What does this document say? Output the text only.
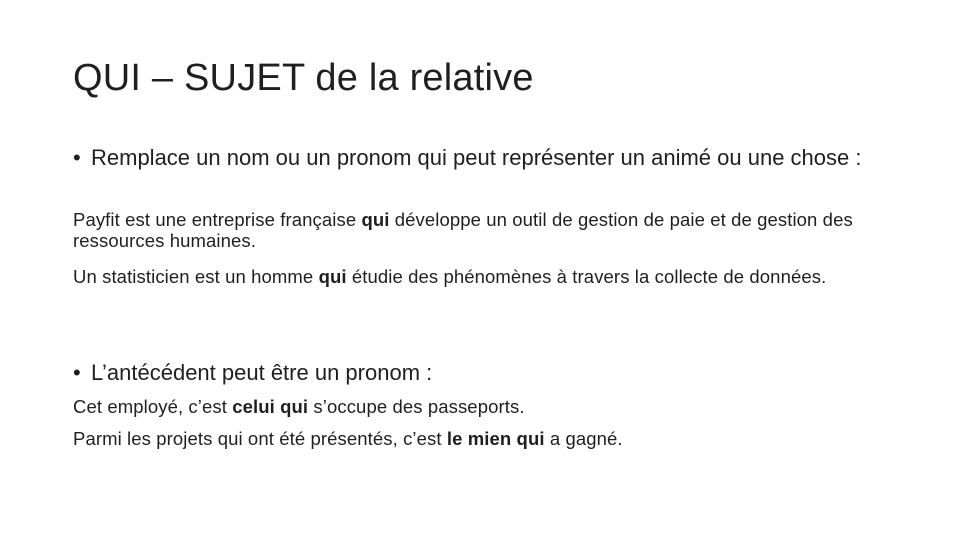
QUI – SUJET de la relative
• Remplace un nom ou un pronom qui peut représenter un animé ou une chose :
Payfit est une entreprise française qui développe un outil de gestion de paie et de gestion des ressources humaines.
Un statisticien est un homme qui étudie des phénomènes à travers la collecte de données.
• L’antécédent peut être un pronom :
Cet employé, c’est celui qui s’occupe des passeports.
Parmi les projets qui ont été présentés, c’est le mien qui a gagné.
